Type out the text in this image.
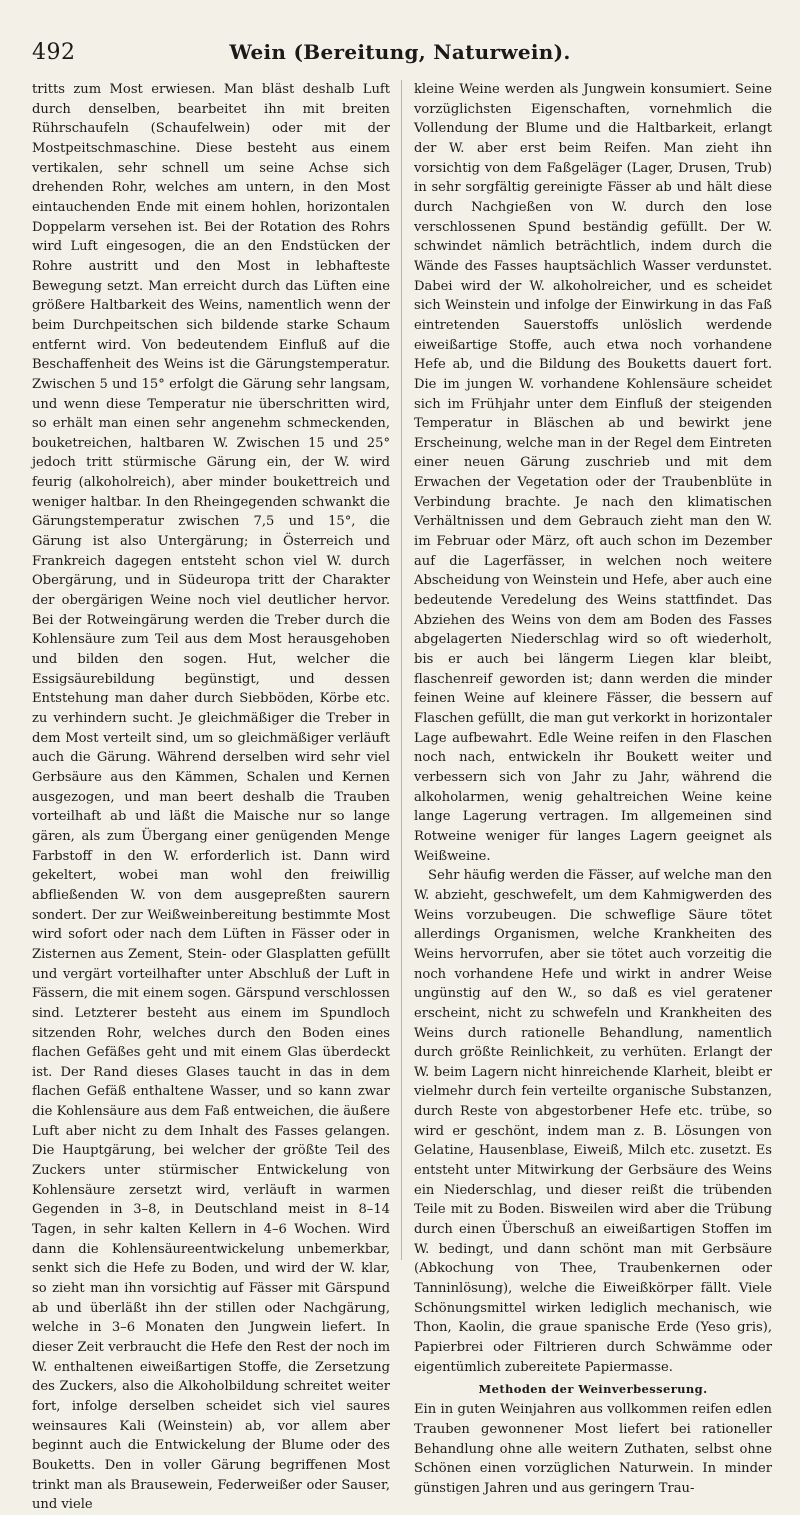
492	Wein (Bereitung, Naturwein).

tritts zum Most erwiesen. Man bläst deshalb Luft durch denselben, bearbeitet ihn mit breiten Rührschaufeln (Schaufelwein) oder mit der Mostpeitschmaschine. Diese besteht aus einem vertikalen, sehr schnell um seine Achse sich drehenden Rohr, welches am untern, in den Most eintauchenden Ende mit einem hohlen, horizontalen Doppelarm versehen ist. Bei der Rotation des Rohrs wird Luft eingesogen, die an den Endstücken der Rohre austritt und den Most in lebhafteste Bewegung setzt. Man erreicht durch das Lüften eine größere Haltbarkeit des Weins, namentlich wenn der beim Durchpeitschen sich bildende starke Schaum entfernt wird. Von bedeutendem Einfluß auf die Beschaffenheit des Weins ist die Gärungstemperatur. Zwischen 5 und 15° erfolgt die Gärung sehr langsam, und wenn diese Temperatur nie überschritten wird, so erhält man einen sehr angenehm schmeckenden, bouketreichen, haltbaren W. Zwischen 15 und 25° jedoch tritt stürmische Gärung ein, der W. wird feurig (alkoholreich), aber minder boukettreich und weniger haltbar. In den Rheingegenden schwankt die Gärungstemperatur zwischen 7,5 und 15°, die Gärung ist also Untergärung; in Österreich und Frankreich dagegen entsteht schon viel W. durch Obergärung, und in Südeuropa tritt der Charakter der obergärigen Weine noch viel deutlicher hervor. Bei der Rotweingärung werden die Treber durch die Kohlensäure zum Teil aus dem Most herausgehoben und bilden den sogen. Hut, welcher die Essigsäurebildung begünstigt, und dessen Entstehung man daher durch Siebböden, Körbe etc. zu verhindern sucht. Je gleichmäßiger die Treber in dem Most verteilt sind, um so gleichmäßiger verläuft auch die Gärung. Während derselben wird sehr viel Gerbsäure aus den Kämmen, Schalen und Kernen ausgezogen, und man beert deshalb die Trauben vorteilhaft ab und läßt die Maische nur so lange gären, als zum Übergang einer genügenden Menge Farbstoff in den W. erforderlich ist. Dann wird gekeltert, wobei man wohl den freiwillig abfließenden W. von dem ausgepreßten saurern sondert. Der zur Weißweinbereitung bestimmte Most wird sofort oder nach dem Lüften in Fässer oder in Zisternen aus Zement, Stein- oder Glasplatten gefüllt und vergärt vorteilhafter unter Abschluß der Luft in Fässern, die mit einem sogen. Gärspund verschlossen sind. Letzterer besteht aus einem im Spundloch sitzenden Rohr, welches durch den Boden eines flachen Gefäßes geht und mit einem Glas überdeckt ist. Der Rand dieses Glases taucht in das in dem flachen Gefäß enthaltene Wasser, und so kann zwar die Kohlensäure aus dem Faß entweichen, die äußere Luft aber nicht zu dem Inhalt des Fasses gelangen. Die Hauptgärung, bei welcher der größte Teil des Zuckers unter stürmischer Entwickelung von Kohlensäure zersetzt wird, verläuft in warmen Gegenden in 3–8, in Deutschland meist in 8–14 Tagen, in sehr kalten Kellern in 4–6 Wochen. Wird dann die Kohlensäureentwickelung unbemerkbar, senkt sich die Hefe zu Boden, und wird der W. klar, so zieht man ihn vorsichtig auf Fässer mit Gärspund ab und überläßt ihn der stillen oder Nachgärung, welche in 3–6 Monaten den Jungwein liefert. In dieser Zeit verbraucht die Hefe den Rest der noch im W. enthaltenen eiweißartigen Stoffe, die Zersetzung des Zuckers, also die Alkoholbildung schreitet weiter fort, infolge derselben scheidet sich viel saures weinsaures Kali (Weinstein) ab, vor allem aber beginnt auch die Entwickelung der Blume oder des Bouketts. Den in voller Gärung begriffenen Most trinkt man als Brausewein, Federweißer oder Sauser, und viele

kleine Weine werden als Jungwein konsumiert. Seine vorzüglichsten Eigenschaften, vornehmlich die Vollendung der Blume und die Haltbarkeit, erlangt der W. aber erst beim Reifen. Man zieht ihn vorsichtig von dem Faßgeläger (Lager, Drusen, Trub) in sehr sorgfältig gereinigte Fässer ab und hält diese durch Nachgießen von W. durch den lose verschlossenen Spund beständig gefüllt. Der W. schwindet nämlich beträchtlich, indem durch die Wände des Fasses hauptsächlich Wasser verdunstet. Dabei wird der W. alkoholreicher, und es scheidet sich Weinstein und infolge der Einwirkung in das Faß eintretenden Sauerstoffs unlöslich werdende eiweißartige Stoffe, auch etwa noch vorhandene Hefe ab, und die Bildung des Bouketts dauert fort. Die im jungen W. vorhandene Kohlensäure scheidet sich im Frühjahr unter dem Einfluß der steigenden Temperatur in Bläschen ab und bewirkt jene Erscheinung, welche man in der Regel dem Eintreten einer neuen Gärung zuschrieb und mit dem Erwachen der Vegetation oder der Traubenblüte in Verbindung brachte. Je nach den klimatischen Verhältnissen und dem Gebrauch zieht man den W. im Februar oder März, oft auch schon im Dezember auf die Lagerfässer, in welchen noch weitere Abscheidung von Weinstein und Hefe, aber auch eine bedeutende Veredelung des Weins stattfindet. Das Abziehen des Weins von dem am Boden des Fasses abgelagerten Niederschlag wird so oft wiederholt, bis er auch bei längerm Liegen klar bleibt, flaschenreif geworden ist; dann werden die minder feinen Weine auf kleinere Fässer, die bessern auf Flaschen gefüllt, die man gut verkorkt in horizontaler Lage aufbewahrt. Edle Weine reifen in den Flaschen noch nach, entwickeln ihr Boukett weiter und verbessern sich von Jahr zu Jahr, während die alkoholarmen, wenig gehaltreichen Weine keine lange Lagerung vertragen. Im allgemeinen sind Rotweine weniger für langes Lagern geeignet als Weißweine.

Sehr häufig werden die Fässer, auf welche man den W. abzieht, geschwefelt, um dem Kahmigwerden des Weins vorzubeugen. Die schweflige Säure tötet allerdings Organismen, welche Krankheiten des Weins hervorrufen, aber sie tötet auch vorzeitig die noch vorhandene Hefe und wirkt in andrer Weise ungünstig auf den W., so daß es viel geratener erscheint, nicht zu schwefeln und Krankheiten des Weins durch rationelle Behandlung, namentlich durch größte Reinlichkeit, zu verhüten. Erlangt der W. beim Lagern nicht hinreichende Klarheit, bleibt er vielmehr durch fein verteilte organische Substanzen, durch Reste von abgestorbener Hefe etc. trübe, so wird er geschönt, indem man z. B. Lösungen von Gelatine, Hausenblase, Eiweiß, Milch etc. zusetzt. Es entsteht unter Mitwirkung der Gerbsäure des Weins ein Niederschlag, und dieser reißt die trübenden Teile mit zu Boden. Bisweilen wird aber die Trübung durch einen Überschuß an eiweißartigen Stoffen im W. bedingt, und dann schönt man mit Gerbsäure (Abkochung von Thee, Traubenkernen oder Tanninlösung), welche die Eiweißkörper fällt. Viele Schönungsmittel wirken lediglich mechanisch, wie Thon, Kaolin, die graue spanische Erde (Yeso gris), Papierbrei oder Filtrieren durch Schwämme oder eigentümlich zubereitete Papiermasse.

Methoden der Weinverbesserung.

Ein in guten Weinjahren aus vollkommen reifen edlen Trauben gewonnener Most liefert bei rationeller Behandlung ohne alle weitern Zuthaten, selbst ohne Schönen einen vorzüglichen Naturwein. In minder günstigen Jahren und aus geringern Trau-
